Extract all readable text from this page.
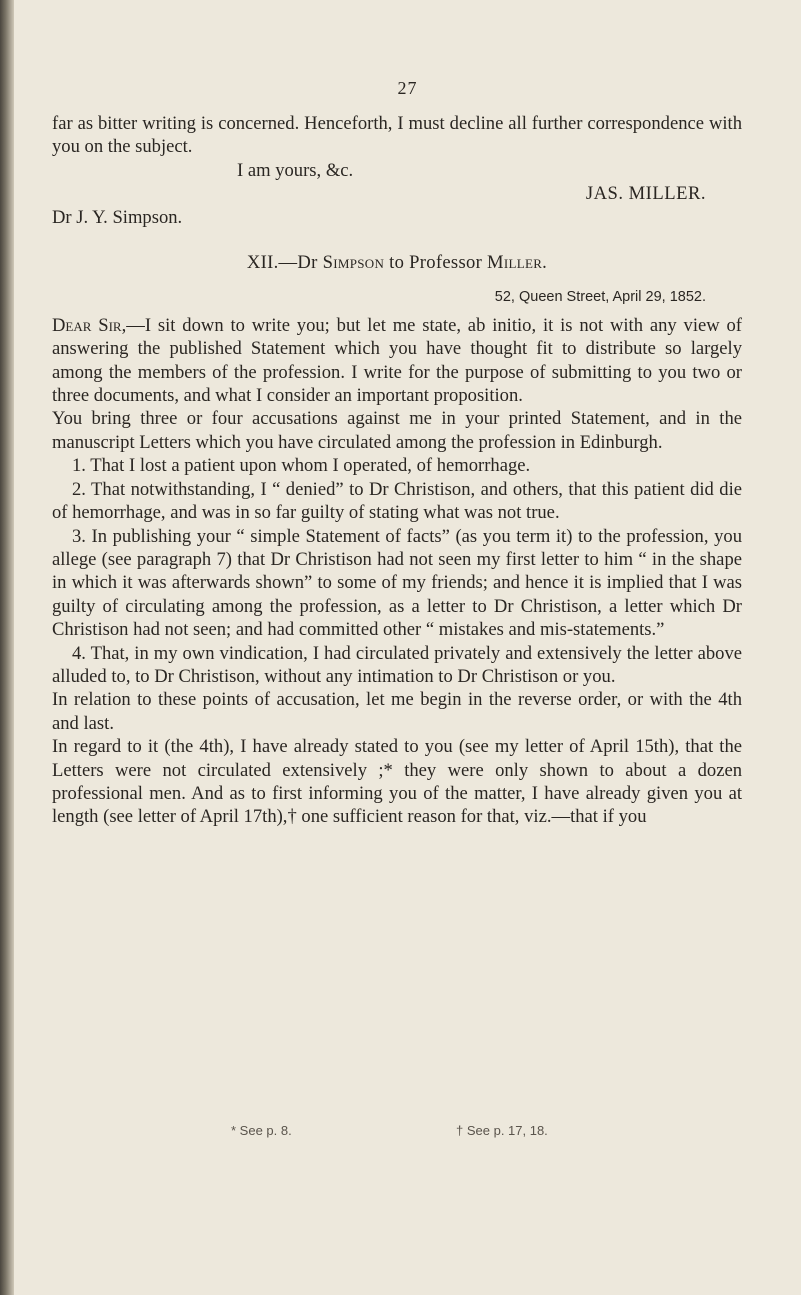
27

far as bitter writing is concerned. Henceforth, I must decline all further correspondence with you on the subject.

I am yours, &c.

JAS. MILLER.

Dr J. Y. Simpson.

XII.—Dr Simpson to Professor Miller.

52, Queen Street, April 29, 1852.

Dear Sir,—I sit down to write you; but let me state, ab initio, it is not with any view of answering the published Statement which you have thought fit to distribute so largely among the members of the profession. I write for the purpose of submitting to you two or three documents, and what I consider an important proposition.

You bring three or four accusations against me in your printed Statement, and in the manuscript Letters which you have circulated among the profession in Edinburgh.

1. That I lost a patient upon whom I operated, of hemorrhage.

2. That notwithstanding, I “ denied” to Dr Christison, and others, that this patient did die of hemorrhage, and was in so far guilty of stating what was not true.

3. In publishing your “ simple Statement of facts” (as you term it) to the profession, you allege (see paragraph 7) that Dr Christison had not seen my first letter to him “ in the shape in which it was afterwards shown” to some of my friends; and hence it is implied that I was guilty of circulating among the profession, as a letter to Dr Christison, a letter which Dr Christison had not seen; and had committed other “ mistakes and mis-statements.”

4. That, in my own vindication, I had circulated privately and extensively the letter above alluded to, to Dr Christison, without any intimation to Dr Christison or you.

In relation to these points of accusation, let me begin in the reverse order, or with the 4th and last.

In regard to it (the 4th), I have already stated to you (see my letter of April 15th), that the Letters were not circulated extensively ;* they were only shown to about a dozen professional men. And as to first informing you of the matter, I have already given you at length (see letter of April 17th),† one sufficient reason for that, viz.—that if you

* See p. 8.	† See p. 17, 18.
